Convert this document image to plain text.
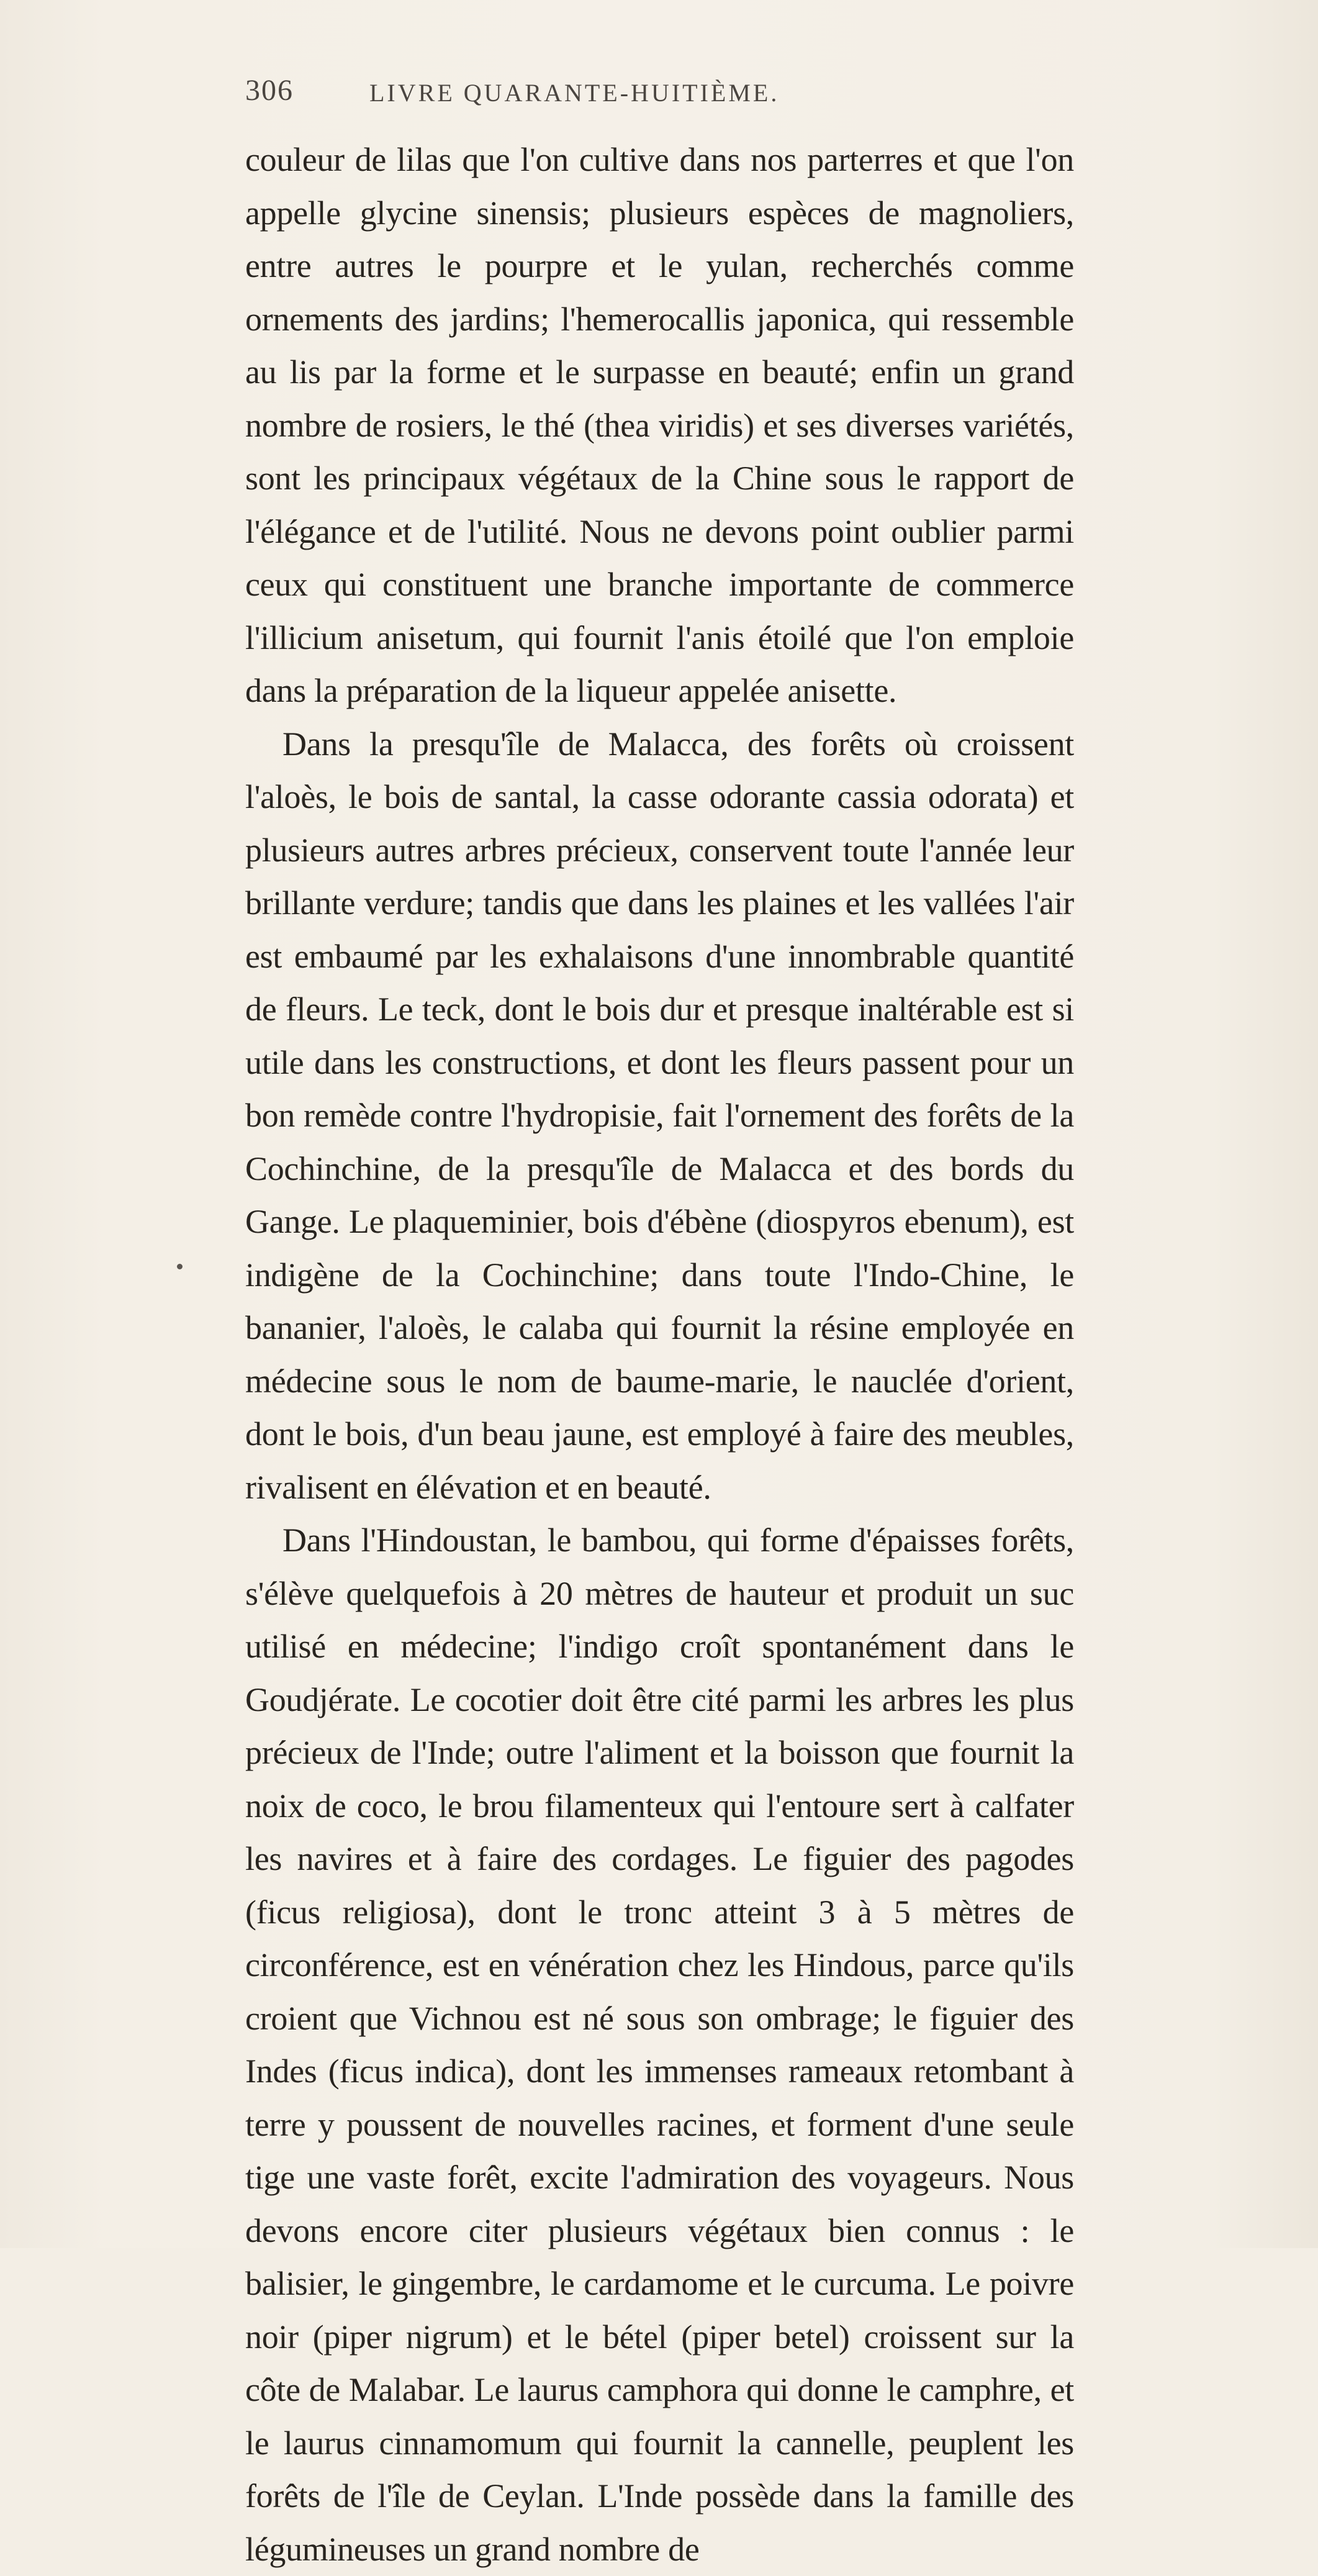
306	LIVRE QUARANTE-HUITIÈME.

couleur de lilas que l'on cultive dans nos parterres et que l'on appelle glycine sinensis; plusieurs espèces de magnoliers, entre autres le pourpre et le yulan, recherchés comme ornements des jardins; l'hemerocallis japonica, qui ressemble au lis par la forme et le surpasse en beauté; enfin un grand nombre de rosiers, le thé (thea viridis) et ses diverses variétés, sont les principaux végétaux de la Chine sous le rapport de l'élégance et de l'utilité. Nous ne devons point oublier parmi ceux qui constituent une branche importante de commerce l'illicium anisetum, qui fournit l'anis étoilé que l'on emploie dans la préparation de la liqueur appelée anisette.

Dans la presqu'île de Malacca, des forêts où croissent l'aloès, le bois de santal, la casse odorante cassia odorata) et plusieurs autres arbres précieux, conservent toute l'année leur brillante verdure; tandis que dans les plaines et les vallées l'air est embaumé par les exhalaisons d'une innombrable quantité de fleurs. Le teck, dont le bois dur et presque inaltérable est si utile dans les constructions, et dont les fleurs passent pour un bon remède contre l'hydropisie, fait l'ornement des forêts de la Cochinchine, de la presqu'île de Malacca et des bords du Gange. Le plaqueminier, bois d'ébène (diospyros ebenum), est indigène de la Cochinchine; dans toute l'Indo-Chine, le bananier, l'aloès, le calaba qui fournit la résine employée en médecine sous le nom de baume-marie, le nauclée d'orient, dont le bois, d'un beau jaune, est employé à faire des meubles, rivalisent en élévation et en beauté.

Dans l'Hindoustan, le bambou, qui forme d'épaisses forêts, s'élève quelquefois à 20 mètres de hauteur et produit un suc utilisé en médecine; l'indigo croît spontanément dans le Goudjérate. Le cocotier doit être cité parmi les arbres les plus précieux de l'Inde; outre l'aliment et la boisson que fournit la noix de coco, le brou filamenteux qui l'entoure sert à calfater les navires et à faire des cordages. Le figuier des pagodes (ficus religiosa), dont le tronc atteint 3 à 5 mètres de circonférence, est en vénération chez les Hindous, parce qu'ils croient que Vichnou est né sous son ombrage; le figuier des Indes (ficus indica), dont les immenses rameaux retombant à terre y poussent de nouvelles racines, et forment d'une seule tige une vaste forêt, excite l'admiration des voyageurs. Nous devons encore citer plusieurs végétaux bien connus : le balisier, le gingembre, le cardamome et le curcuma. Le poivre noir (piper nigrum) et le bétel (piper betel) croissent sur la côte de Malabar. Le laurus camphora qui donne le camphre, et le laurus cinnamomum qui fournit la cannelle, peuplent les forêts de l'île de Ceylan. L'Inde possède dans la famille des légumineuses un grand nombre de
